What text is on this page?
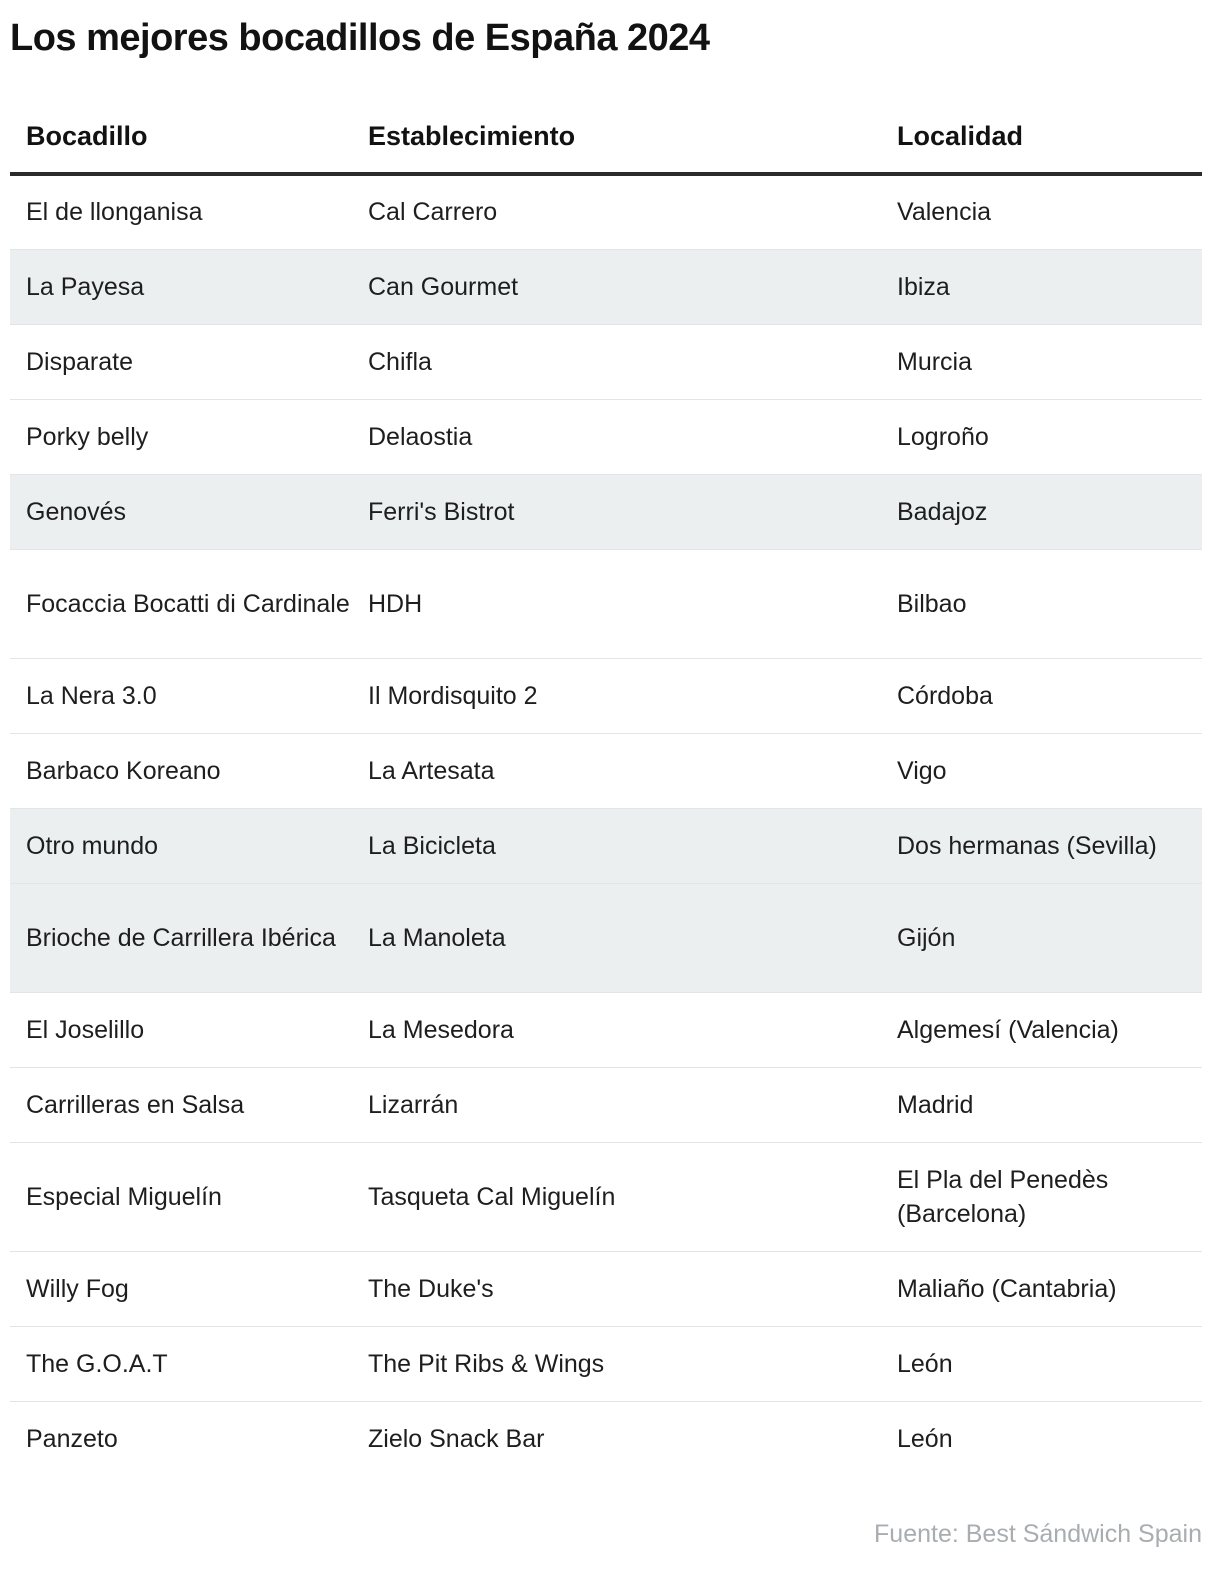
Los mejores bocadillos de España 2024
Bocadillo	Establecimiento	Localidad
El de llonganisa	Cal Carrero	Valencia
La Payesa	Can Gourmet	Ibiza
Disparate	Chifla	Murcia
Porky belly	Delaostia	Logroño
Genovés	Ferri's Bistrot	Badajoz
Focaccia Bocatti di Cardinale	HDH	Bilbao
La Nera 3.0	Il Mordisquito 2	Córdoba
Barbaco Koreano	La Artesata	Vigo
Otro mundo	La Bicicleta	Dos hermanas (Sevilla)
Brioche de Carrillera Ibérica	La Manoleta	Gijón
El Joselillo	La Mesedora	Algemesí (Valencia)
Carrilleras en Salsa	Lizarrán	Madrid
Especial Miguelín	Tasqueta Cal Miguelín	El Pla del Penedès (Barcelona)
Willy Fog	The Duke's	Maliaño (Cantabria)
The G.O.A.T	The Pit Ribs & Wings	León
Panzeto	Zielo Snack Bar	León
Fuente: Best Sándwich Spain
